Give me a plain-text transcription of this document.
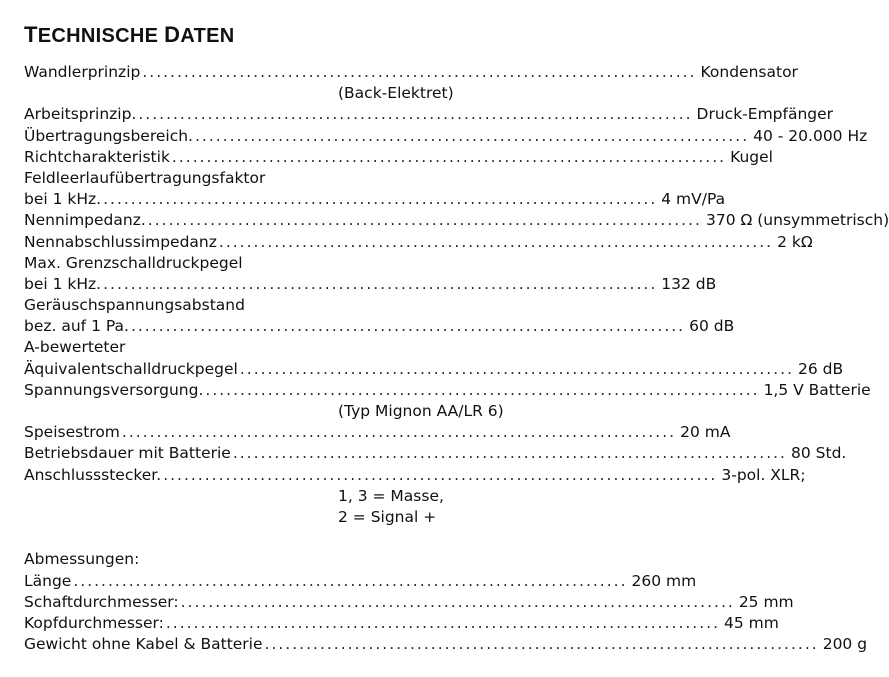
TECHNISCHE DATEN
Wandlerprinzip ................................................................................ Kondensator
(Back-Elektret)
Arbeitsprinzip. ................................................................................ Druck-Empfänger
Übertragungsbereich. ................................................................................ 40 - 20.000 Hz
Richtcharakteristik ................................................................................ Kugel
Feldleerlaufübertragungsfaktor
bei 1 kHz. ................................................................................ 4 mV/Pa
Nennimpedanz. ................................................................................ 370 Ω (unsymmetrisch)
Nennabschlussimpedanz ................................................................................ 2 kΩ
Max. Grenzschalldruckpegel
bei 1 kHz. ................................................................................ 132 dB
Geräuschspannungsabstand
bez. auf 1 Pa. ................................................................................ 60 dB
A-bewerteter
Äquivalentschalldruckpegel ................................................................................ 26 dB
Spannungsversorgung. ................................................................................ 1,5 V Batterie
(Typ Mignon AA/LR 6)
Speisestrom ................................................................................ 20 mA
Betriebsdauer mit Batterie ................................................................................ 80 Std.
Anschlussstecker. ................................................................................ 3-pol. XLR;
1, 3 = Masse,
2 = Signal +
Abmessungen:
Länge ................................................................................ 260 mm
Schaftdurchmesser: ................................................................................ 25 mm
Kopfdurchmesser: ................................................................................ 45 mm
Gewicht ohne Kabel & Batterie ................................................................................ 200 g
